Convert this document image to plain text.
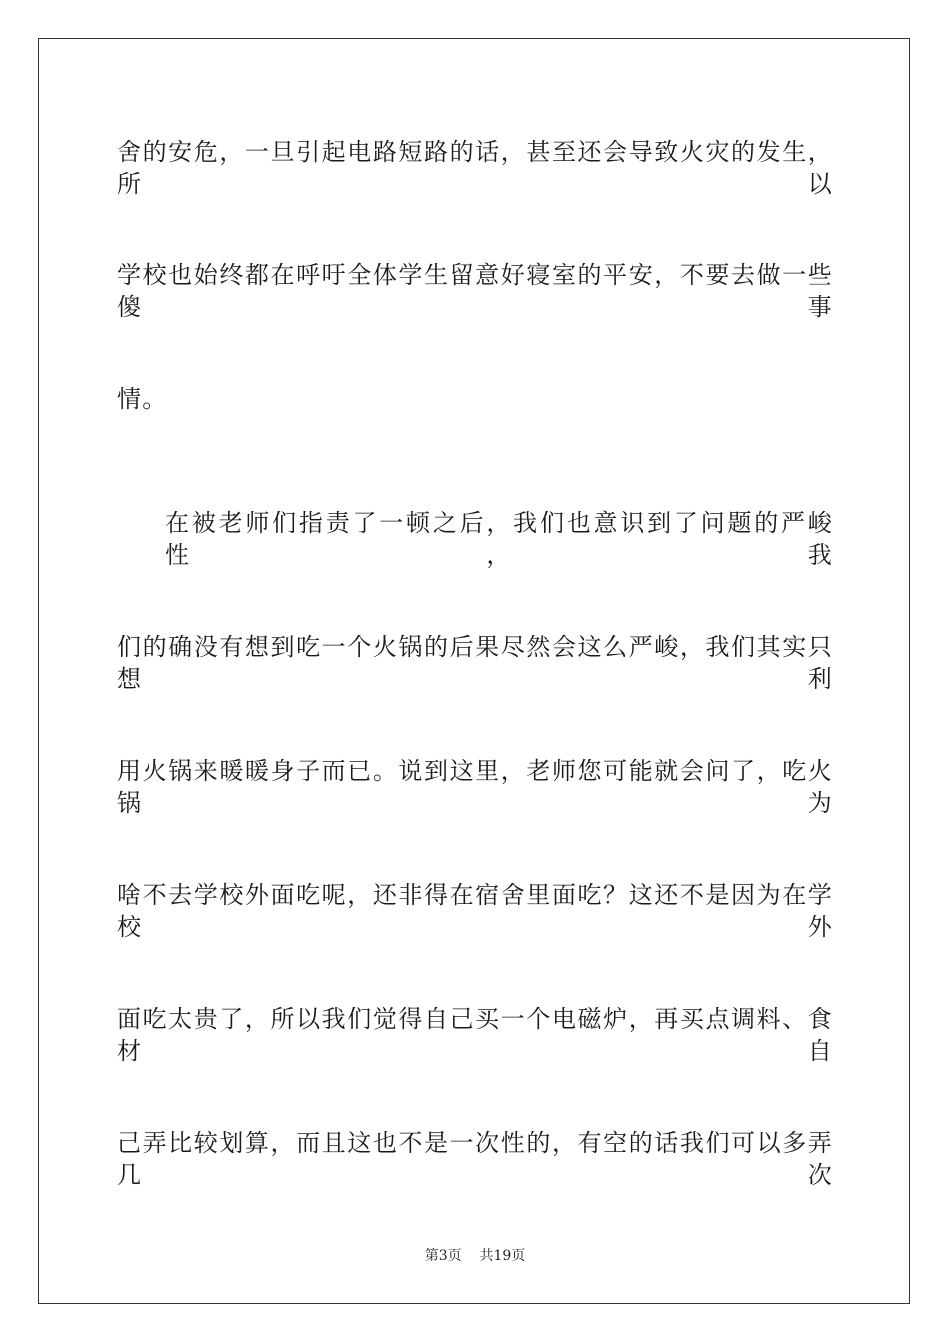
舍的安危，一旦引起电路短路的话，甚至还会导致火灾的发生，所以
学校也始终都在呼吁全体学生留意好寝室的平安，不要去做一些傻事
情。
在被老师们指责了一顿之后，我们也意识到了问题的严峻性，我
们的确没有想到吃一个火锅的后果尽然会这么严峻，我们其实只想利
用火锅来暖暖身子而已。说到这里，老师您可能就会问了，吃火锅为
啥不去学校外面吃呢，还非得在宿舍里面吃？这还不是因为在学校外
面吃太贵了，所以我们觉得自己买一个电磁炉，再买点调料、食材自
己弄比较划算，而且这也不是一次性的，有空的话我们可以多弄几次
第3页 共19页
